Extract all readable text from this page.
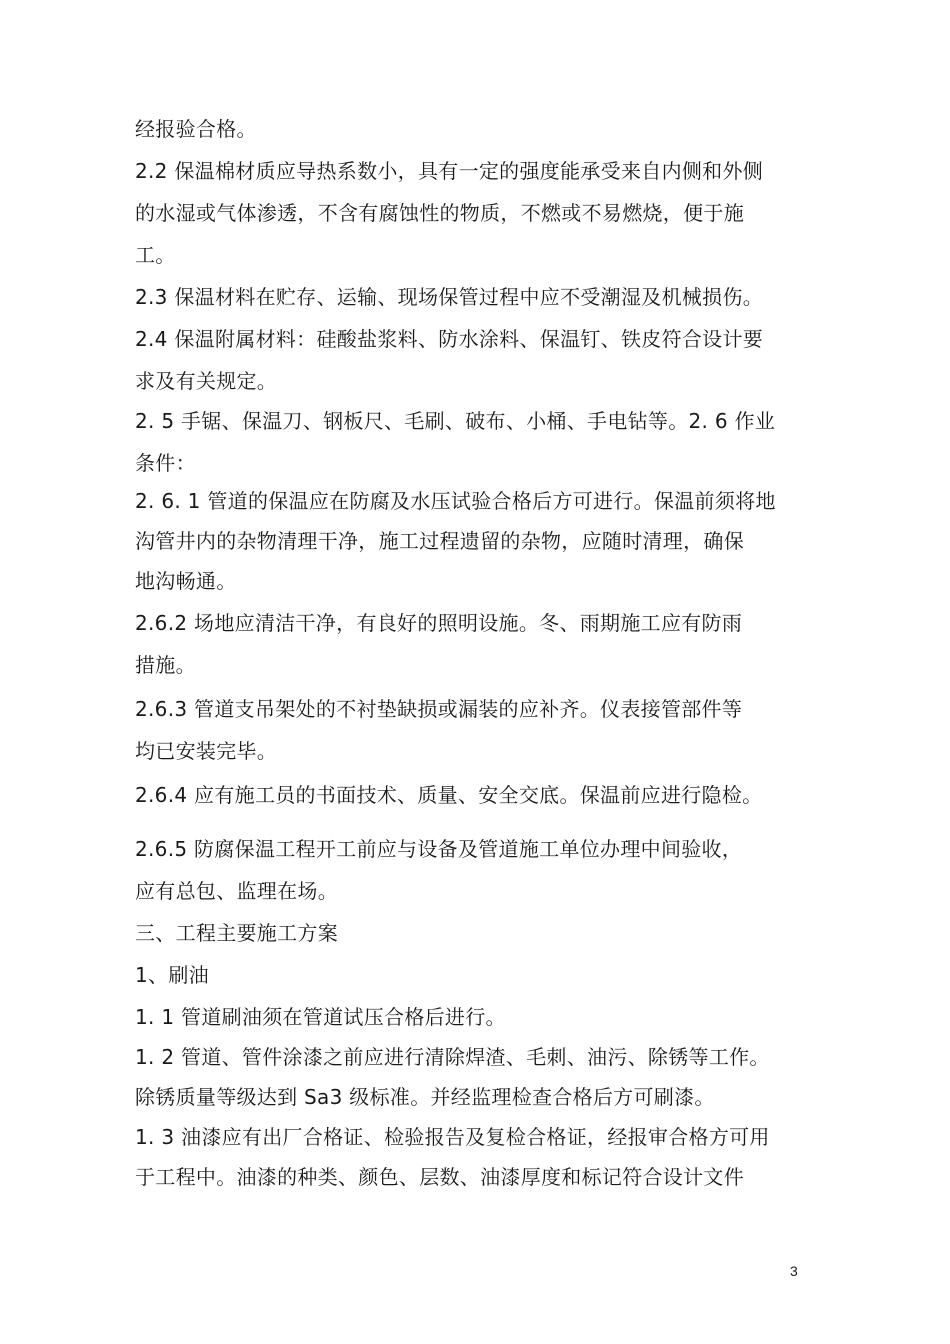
经报验合格。
2.2 保温棉材质应导热系数小，具有一定的强度能承受来自内侧和外侧
的水湿或气体渗透，不含有腐蚀性的物质，不燃或不易燃烧，便于施
工。
2.3 保温材料在贮存、运输、现场保管过程中应不受潮湿及机械损伤。
2.4 保温附属材料：硅酸盐浆料、防水涂料、保温钉、铁皮符合设计要
求及有关规定。
2. 5 手锯、保温刀、钢板尺、毛刷、破布、小桶、手电钻等。2. 6 作业
条件：
2. 6. 1 管道的保温应在防腐及水压试验合格后方可进行。保温前须将地
沟管井内的杂物清理干净，施工过程遗留的杂物，应随时清理，确保
地沟畅通。
2.6.2 场地应清洁干净，有良好的照明设施。冬、雨期施工应有防雨
措施。
2.6.3 管道支吊架处的不衬垫缺损或漏装的应补齐。仪表接管部件等
均已安装完毕。
2.6.4 应有施工员的书面技术、质量、安全交底。保温前应进行隐检。
2.6.5 防腐保温工程开工前应与设备及管道施工单位办理中间验收，
应有总包、监理在场。
三、工程主要施工方案
1、刷油
1. 1 管道刷油须在管道试压合格后进行。
1. 2 管道、管件涂漆之前应进行清除焊渣、毛刺、油污、除锈等工作。
除锈质量等级达到 Sa3 级标准。并经监理检查合格后方可刷漆。
1. 3 油漆应有出厂合格证、检验报告及复检合格证，经报审合格方可用
于工程中。油漆的种类、颜色、层数、油漆厚度和标记符合设计文件
3
